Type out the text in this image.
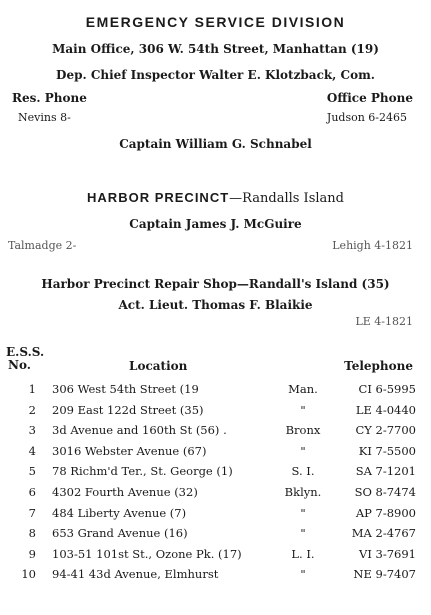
EMERGENCY SERVICE DIVISION
Main Office, 306 W. 54th Street, Manhattan (19)
Dep. Chief Inspector Walter E. Klotzback, Com.
Res. Phone	Office Phone
Nevins 8-	Judson 6-2465
Captain William G. Schnabel
HARBOR PRECINCT—Randalls Island
Captain James J. McGuire
Talmadge 2-	Lehigh 4-1821
Harbor Precinct Repair Shop—Randall's Island (35)
Act. Lieut. Thomas F. Blaikie
LE 4-1821
E.S.S.
No.	Location	Telephone
1 306 West 54th Street (19	Man.	CI 6-5995
2 209 East 122d Street (35)	"	LE 4-0440
3 3d Avenue and 160th St (56) .	Bronx	CY 2-7700
4 3016 Webster Avenue (67)	"	KI 7-5500
5 78 Richm'd Ter., St. George (1)	S. I.	SA 7-1201
6 4302 Fourth Avenue (32)	Bklyn.	SO 8-7474
7 484 Liberty Avenue (7)	"	AP 7-8900
8 653 Grand Avenue (16)	"	MA 2-4767
9 103-51 101st St., Ozone Pk. (17)	L. I.	VI 3-7691
10 94-41 43d Avenue, Elmhurst	"	NE 9-7407
